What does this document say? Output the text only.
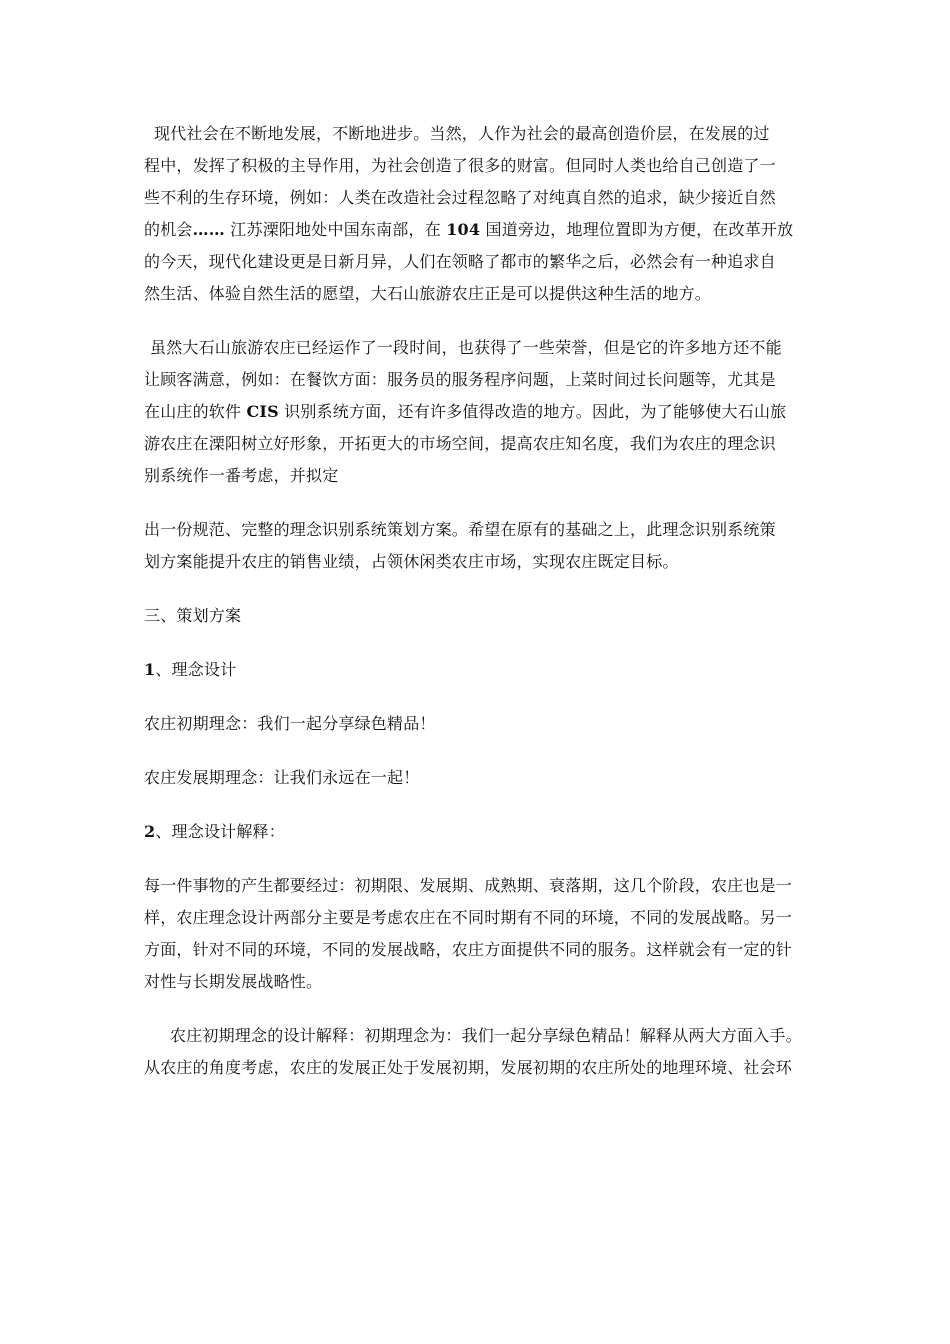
现代社会在不断地发展，不断地进步。当然，人作为社会的最高创造价层，在发展的过
程中，发挥了积极的主导作用，为社会创造了很多的财富。但同时人类也给自己创造了一
些不利的生存环境，例如：人类在改造社会过程忽略了对纯真自然的追求，缺少接近自然
的机会…… 江苏溧阳地处中国东南部，在 104 国道旁边，地理位置即为方便，在改革开放
的今天，现代化建设更是日新月异，人们在领略了都市的繁华之后，必然会有一种追求自
然生活、体验自然生活的愿望，大石山旅游农庄正是可以提供这种生活的地方。

虽然大石山旅游农庄已经运作了一段时间，也获得了一些荣誉，但是它的许多地方还不能
让顾客满意，例如：在餐饮方面：服务员的服务程序问题，上菜时间过长问题等，尤其是
在山庄的软件 CIS 识别系统方面，还有许多值得改造的地方。因此，为了能够使大石山旅
游农庄在溧阳树立好形象，开拓更大的市场空间，提高农庄知名度，我们为农庄的理念识
别系统作一番考虑，并拟定

出一份规范、完整的理念识别系统策划方案。希望在原有的基础之上，此理念识别系统策
划方案能提升农庄的销售业绩，占领休闲类农庄市场，实现农庄既定目标。

三、策划方案

1、理念设计

农庄初期理念：我们一起分享绿色精品！

农庄发展期理念：让我们永远在一起！

2、理念设计解释：

每一件事物的产生都要经过：初期限、发展期、成熟期、衰落期，这几个阶段，农庄也是一
样，农庄理念设计两部分主要是考虑农庄在不同时期有不同的环境，不同的发展战略。另一
方面，针对不同的环境，不同的发展战略，农庄方面提供不同的服务。这样就会有一定的针
对性与长期发展战略性。

农庄初期理念的设计解释：初期理念为：我们一起分享绿色精品！解释从两大方面入手。
从农庄的角度考虑，农庄的发展正处于发展初期，发展初期的农庄所处的地理环境、社会环
